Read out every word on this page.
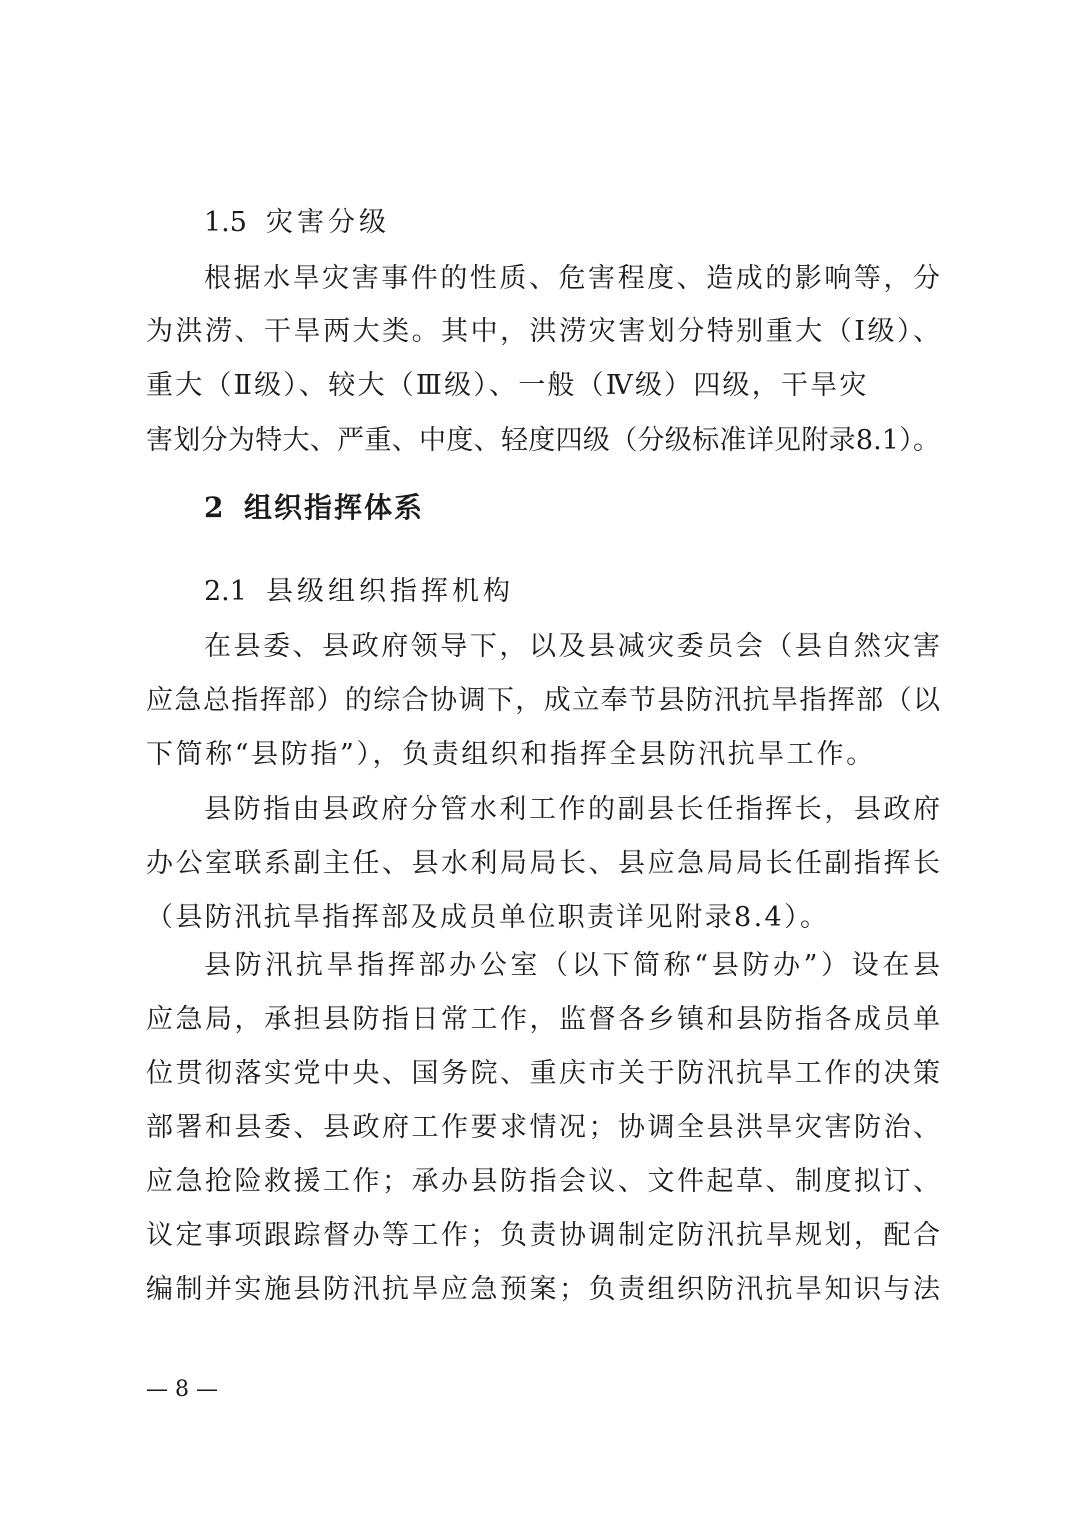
1.5 灾害分级
根据水旱灾害事件的性质、危害程度、造成的影响等，分
为洪涝、干旱两大类。其中，洪涝灾害划分特别重大（Ⅰ级）、
重大（Ⅱ级）、较大（Ⅲ级）、一般（Ⅳ级）四级，干旱灾
害划分为特大、严重、中度、轻度四级（分级标准详见附录8.1）。
2 组织指挥体系
2.1 县级组织指挥机构
在县委、县政府领导下，以及县减灾委员会（县自然灾害
应急总指挥部）的综合协调下，成立奉节县防汛抗旱指挥部（以
下简称“县防指”），负责组织和指挥全县防汛抗旱工作。
县防指由县政府分管水利工作的副县长任指挥长，县政府
办公室联系副主任、县水利局局长、县应急局局长任副指挥长
（县防汛抗旱指挥部及成员单位职责详见附录8.4）。
县防汛抗旱指挥部办公室（以下简称“县防办”）设在县
应急局，承担县防指日常工作，监督各乡镇和县防指各成员单
位贯彻落实党中央、国务院、重庆市关于防汛抗旱工作的决策
部署和县委、县政府工作要求情况；协调全县洪旱灾害防治、
应急抢险救援工作；承办县防指会议、文件起草、制度拟订、
议定事项跟踪督办等工作；负责协调制定防汛抗旱规划，配合
编制并实施县防汛抗旱应急预案；负责组织防汛抗旱知识与法
— 8 —
